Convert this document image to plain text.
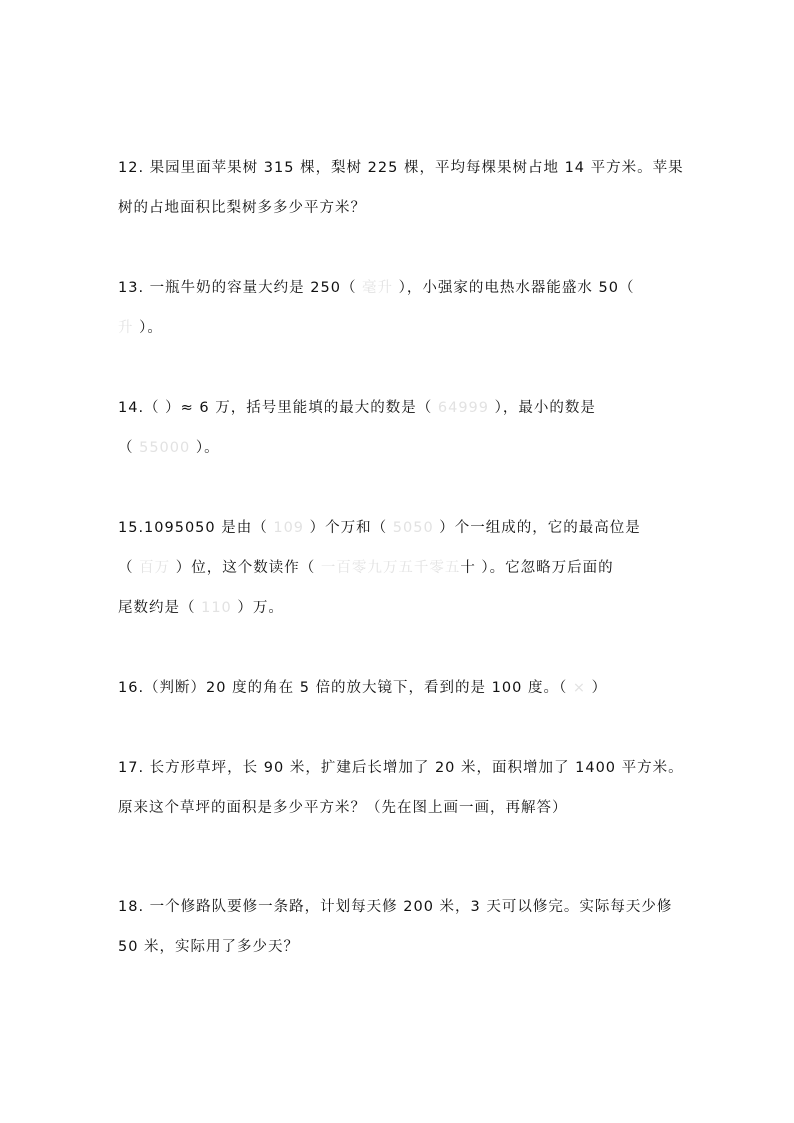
12. 果园里面苹果树 315 棵，梨树 225 棵，平均每棵果树占地 14 平方米。苹果
树的占地面积比梨树多多少平方米？
13. 一瓶牛奶的容量大约是 250（ 毫升 ），小强家的电热水器能盛水 50（
升 ）。
14.（ ）≈ 6 万，括号里能填的最大的数是（ 64999 ），最小的数是
（ 55000 ）。
15.1095050 是由（ 109 ）个万和（ 5050 ）个一组成的，它的最高位是
（ 百万 ）位，这个数读作（ 一百零九万五千零五十 ）。它忽略万后面的
尾数约是（ 110 ）万。
16.（判断）20 度的角在 5 倍的放大镜下，看到的是 100 度。（ × ）
17. 长方形草坪，长 90 米，扩建后长增加了 20 米，面积增加了 1400 平方米。
原来这个草坪的面积是多少平方米？（先在图上画一画，再解答）
18. 一个修路队要修一条路，计划每天修 200 米，3 天可以修完。实际每天少修
50 米，实际用了多少天？
